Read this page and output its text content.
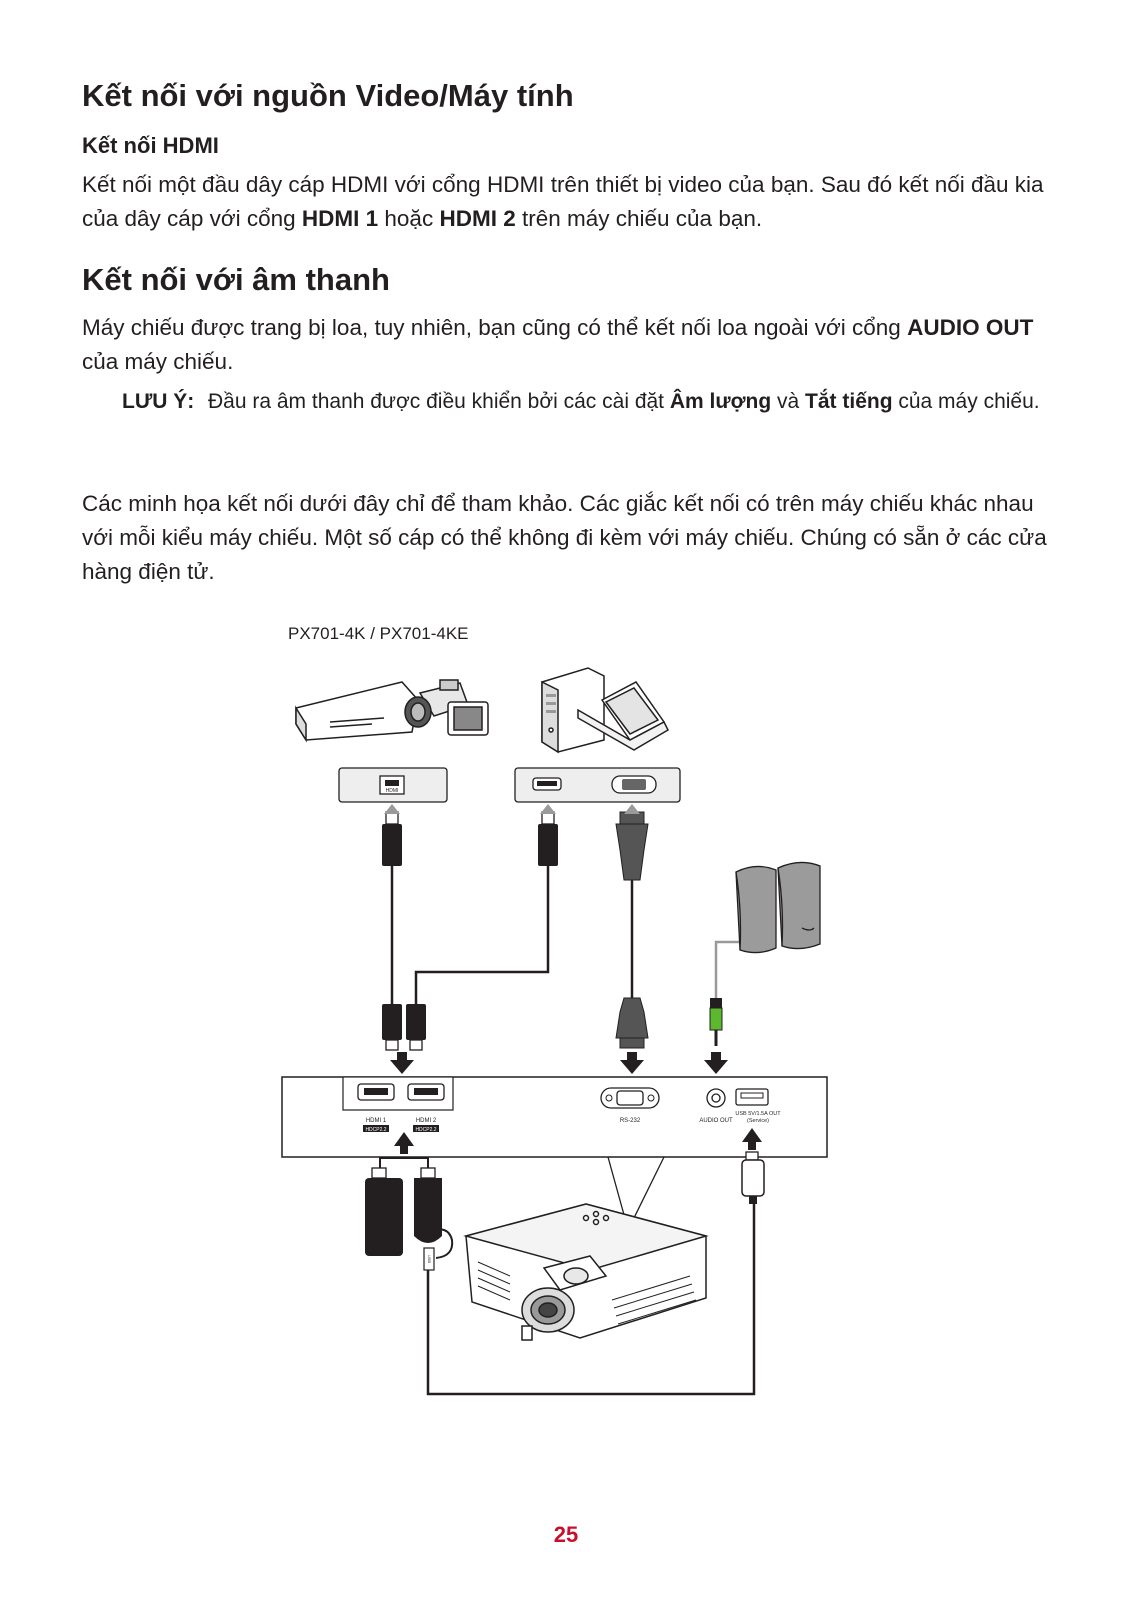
Kết nối với nguồn Video/Máy tính
Kết nối HDMI

Kết nối một đầu dây cáp HDMI với cổng HDMI trên thiết bị video của bạn. Sau đó kết nối đầu kia của dây cáp với cổng HDMI 1 hoặc HDMI 2 trên máy chiếu của bạn.

Kết nối với âm thanh

Máy chiếu được trang bị loa, tuy nhiên, bạn cũng có thể kết nối loa ngoài với cổng AUDIO OUT của máy chiếu.

LƯU Ý: Đầu ra âm thanh được điều khiển bởi các cài đặt Âm lượng và Tắt tiếng của máy chiếu.

Các minh họa kết nối dưới đây chỉ để tham khảo. Các giắc kết nối có trên máy chiếu khác nhau với mỗi kiểu máy chiếu. Một số cáp có thể không đi kèm với máy chiếu. Chúng có sẵn ở các cửa hàng điện tử.

PX701-4K / PX701-4KE
HDMI
HDMI 1
HDCP2.2
HDMI 2
HDCP2.2
RS-232	AUDIO OUT
USB 5V/1.5A OUT
(Service)
USB
25
